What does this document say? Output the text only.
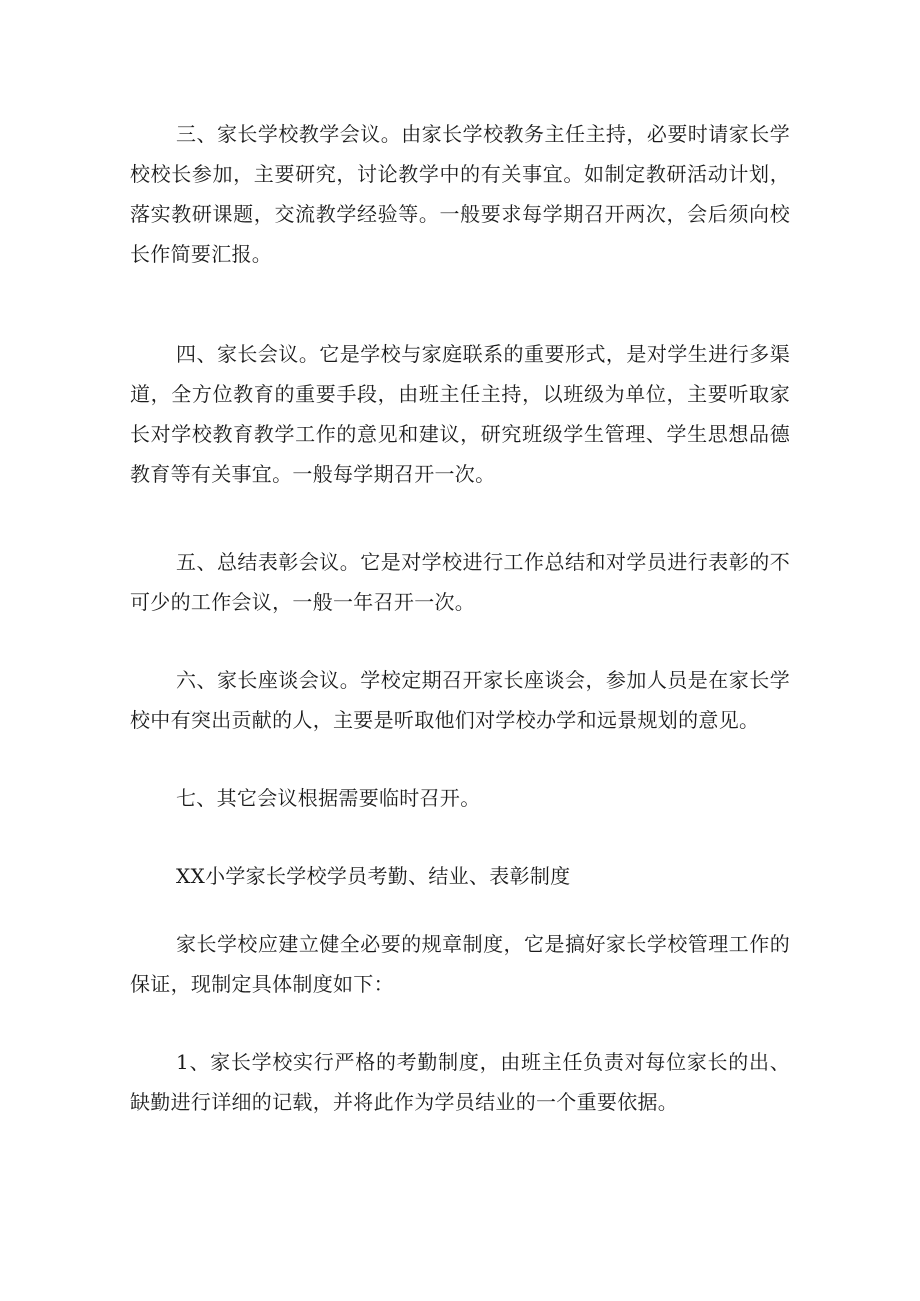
三、家长学校教学会议。由家长学校教务主任主持，必要时请家长学校校长参加，主要研究，讨论教学中的有关事宜。如制定教研活动计划，落实教研课题，交流教学经验等。一般要求每学期召开两次，会后须向校长作简要汇报。

四、家长会议。它是学校与家庭联系的重要形式，是对学生进行多渠道，全方位教育的重要手段，由班主任主持，以班级为单位，主要听取家长对学校教育教学工作的意见和建议，研究班级学生管理、学生思想品德教育等有关事宜。一般每学期召开一次。

五、总结表彰会议。它是对学校进行工作总结和对学员进行表彰的不可少的工作会议，一般一年召开一次。

六、家长座谈会议。学校定期召开家长座谈会，参加人员是在家长学校中有突出贡献的人，主要是听取他们对学校办学和远景规划的意见。

七、其它会议根据需要临时召开。

XX小学家长学校学员考勤、结业、表彰制度

家长学校应建立健全必要的规章制度，它是搞好家长学校管理工作的保证，现制定具体制度如下：

1、家长学校实行严格的考勤制度，由班主任负责对每位家长的出、缺勤进行详细的记载，并将此作为学员结业的一个重要依据。
